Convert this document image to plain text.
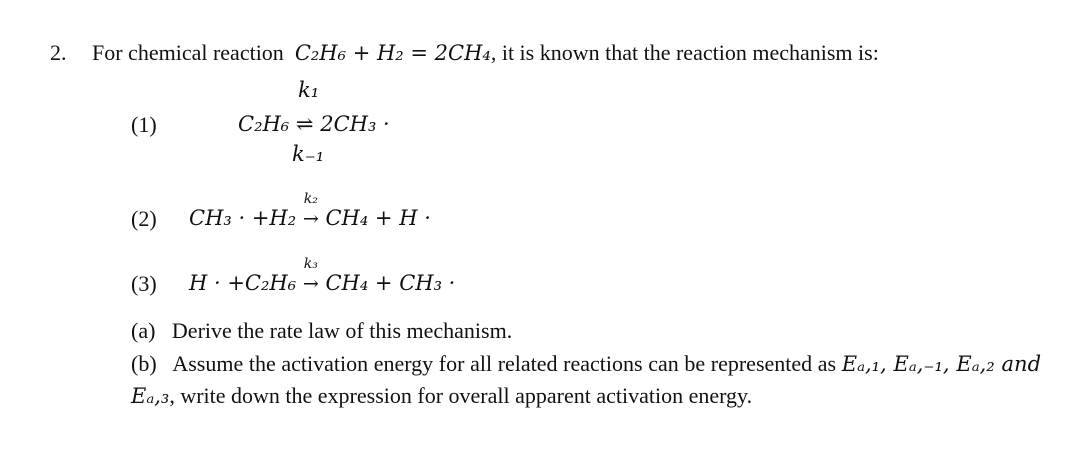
2. For chemical reaction C₂H₆ + H₂ = 2CH₄, it is known that the reaction mechanism is:
(1)
k₁
C₂H₆ ⇌ 2CH₃ ·
k₋₁
(2) CH₃ · +H₂
k₂
→ CH₄ + H ·
(3) H · +C₂H₆
k₃
→ CH₄ + CH₃ ·
(a) Derive the rate law of this mechanism.
(b) Assume the activation energy for all related reactions can be represented as Eₐ,₁, Eₐ,₋₁, Eₐ,₂ and Eₐ,₃, write down the expression for overall apparent activation energy.
